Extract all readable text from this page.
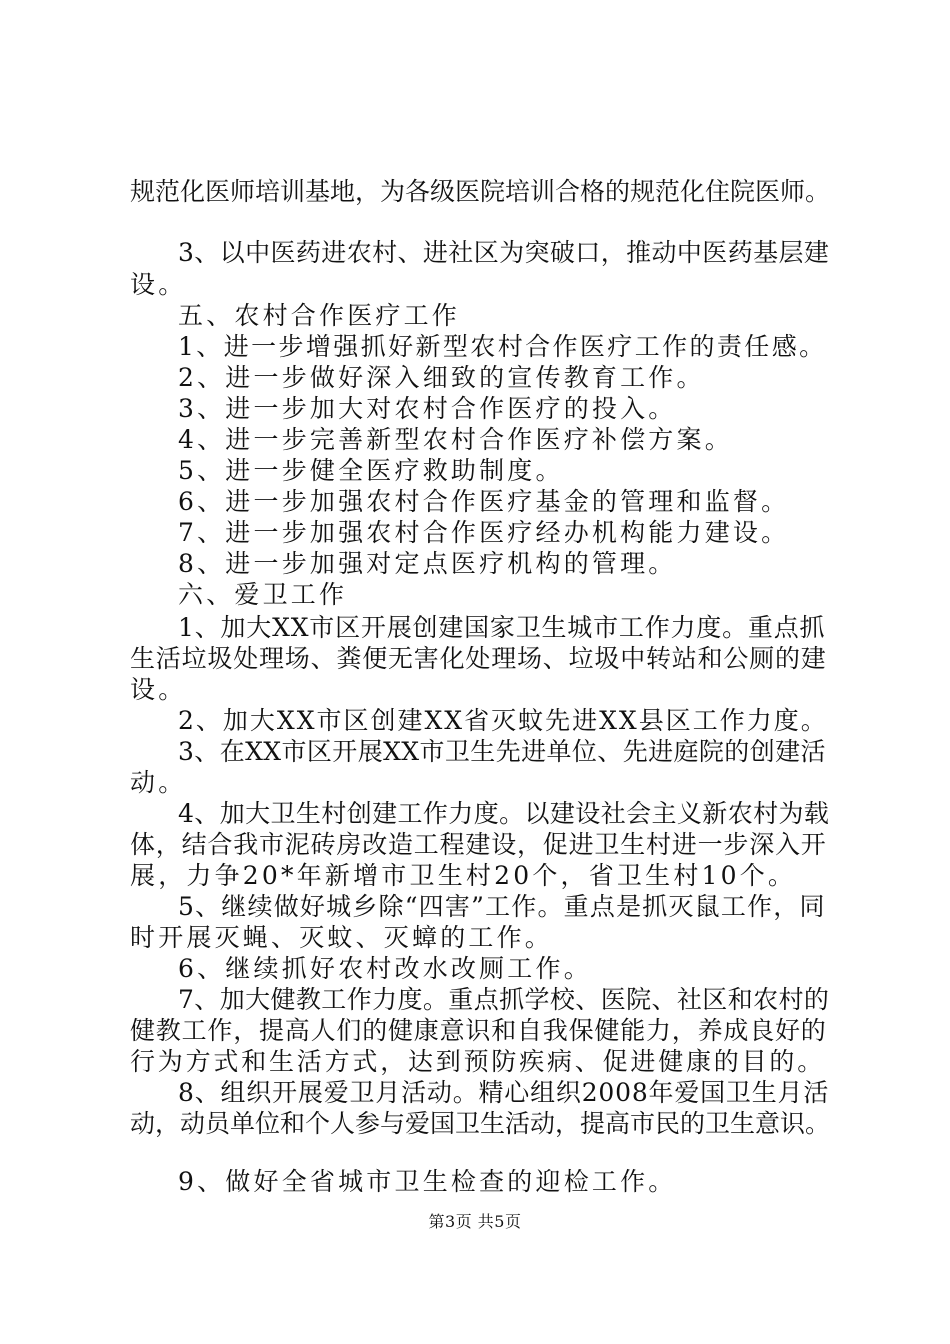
规范化医师培训基地，为各级医院培训合格的规范化住院医师。
3、以中医药进农村、进社区为突破口，推动中医药基层建
设。
五、农村合作医疗工作
1、进一步增强抓好新型农村合作医疗工作的责任感。
2、进一步做好深入细致的宣传教育工作。
3、进一步加大对农村合作医疗的投入。
4、进一步完善新型农村合作医疗补偿方案。
5、进一步健全医疗救助制度。
6、进一步加强农村合作医疗基金的管理和监督。
7、进一步加强农村合作医疗经办机构能力建设。
8、进一步加强对定点医疗机构的管理。
六、爱卫工作
1、加大XX市区开展创建国家卫生城市工作力度。重点抓
生活垃圾处理场、粪便无害化处理场、垃圾中转站和公厕的建
设。
2、加大XX市区创建XX省灭蚊先进XX县区工作力度。
3、在XX市区开展XX市卫生先进单位、先进庭院的创建活
动。
4、加大卫生村创建工作力度。以建设社会主义新农村为载
体，结合我市泥砖房改造工程建设，促进卫生村进一步深入开
展，力争20*年新增市卫生村20个，省卫生村10个。
5、继续做好城乡除“四害”工作。重点是抓灭鼠工作，同
时开展灭蝇、灭蚊、灭蟑的工作。
6、继续抓好农村改水改厕工作。
7、加大健教工作力度。重点抓学校、医院、社区和农村的
健教工作，提高人们的健康意识和自我保健能力，养成良好的
行为方式和生活方式，达到预防疾病、促进健康的目的。
8、组织开展爱卫月活动。精心组织2008年爱国卫生月活
动，动员单位和个人参与爱国卫生活动，提高市民的卫生意识。
9、做好全省城市卫生检查的迎检工作。
第3页 共5页
